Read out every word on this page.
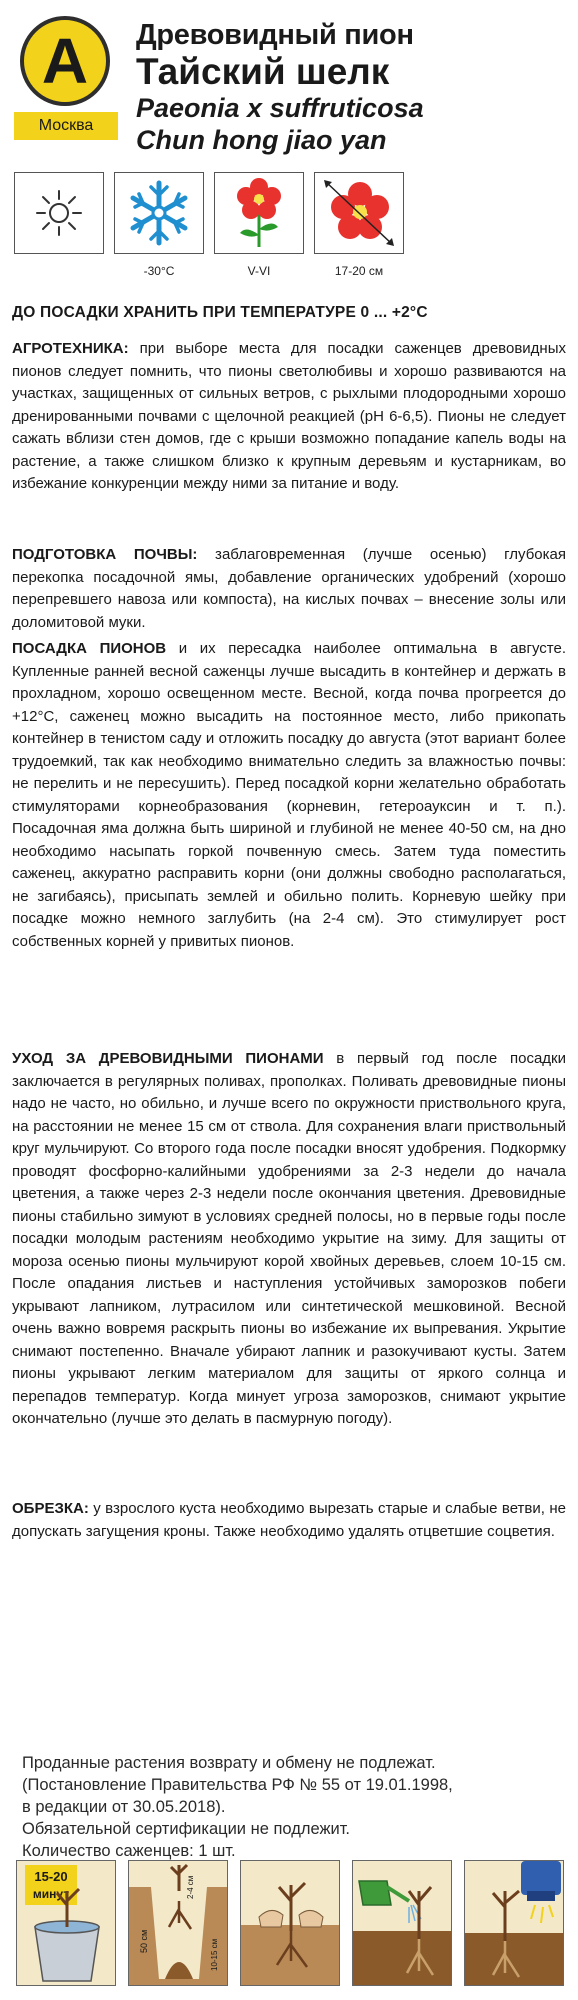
А
Москва
Древовидный пион
Тайский шелк
Paeonia x suffruticosa
Chun hong jiao yan
-30°C	V-VI	17-20 см
ДО ПОСАДКИ ХРАНИТЬ ПРИ ТЕМПЕРАТУРЕ 0 ... +2°С
АГРОТЕХНИКА: при выборе места для посадки саженцев древовидных пионов следует помнить, что пионы светолюбивы и хорошо развиваются на участках, защищенных от сильных ветров, с рыхлыми плодородными хорошо дренированными почвами с щелочной реакцией (рН 6-6,5). Пионы не следует сажать вблизи стен домов, где с крыши возможно попадание капель воды на растение, а также слишком близко к крупным деревьям и кустарникам, во избежание конкуренции между ними за питание и воду.
ПОДГОТОВКА ПОЧВЫ: заблаговременная (лучше осенью) глубокая перекопка посадочной ямы, добавление органических удобрений (хорошо перепревшего навоза или компоста), на кислых почвах – внесение золы или доломитовой муки.
ПОСАДКА ПИОНОВ и их пересадка наиболее оптимальна в августе. Купленные ранней весной саженцы лучше высадить в контейнер и держать в прохладном, хорошо освещенном месте. Весной, когда почва прогреется до +12°С, саженец можно высадить на постоянное место, либо прикопать контейнер в тенистом саду и отложить посадку до августа (этот вариант более трудоемкий, так как необходимо внимательно следить за влажностью почвы: не перелить и не пересушить). Перед посадкой корни желательно обработать стимуляторами корнеобразования (корневин, гетероауксин и т. п.). Посадочная яма должна быть шириной и глубиной не менее 40-50 см, на дно необходимо насыпать горкой почвенную смесь. Затем туда поместить саженец, аккуратно расправить корни (они должны свободно располагаться, не загибаясь), присыпать землей и обильно полить. Корневую шейку при посадке можно немного заглубить (на 2-4 см). Это стимулирует рост собственных корней у привитых пионов.
УХОД ЗА ДРЕВОВИДНЫМИ ПИОНАМИ в первый год после посадки заключается в регулярных поливах, прополках. Поливать древовидные пионы надо не часто, но обильно, и лучше всего по окружности приствольного круга, на расстоянии не менее 15 см от ствола. Для сохранения влаги приствольный круг мульчируют. Со второго года после посадки вносят удобрения. Подкормку проводят фосфорно-калийными удобрениями за 2-3 недели до начала цветения, а также через 2-3 недели после окончания цветения. Древовидные пионы стабильно зимуют в условиях средней полосы, но в первые годы после посадки молодым растениям необходимо укрытие на зиму. Для защиты от мороза осенью пионы мульчируют корой хвойных деревьев, слоем 10-15 см. После опадания листьев и наступления устойчивых заморозков побеги укрывают лапником, лутрасилом или синтетической мешковиной. Весной очень важно вовремя раскрыть пионы во избежание их выпревания. Укрытие снимают постепенно. Вначале убирают лапник и разокучивают кусты. Затем пионы укрывают легким материалом для защиты от яркого солнца и перепадов температур. Когда минует угроза заморозков, снимают укрытие окончательно (лучше это делать в пасмурную погоду).
ОБРЕЗКА: у взрослого куста необходимо вырезать старые и слабые ветви, не допускать загущения кроны. Также необходимо удалять отцветшие соцветия.
Проданные растения возврату и обмену не подлежат.
(Постановление Правительства РФ № 55 от 19.01.1998,
в редакции от 30.05.2018).
Обязательной сертификации не подлежит.
Количество саженцев: 1 шт.
15-20
минут
50 см
2-4 см
10-15 см
